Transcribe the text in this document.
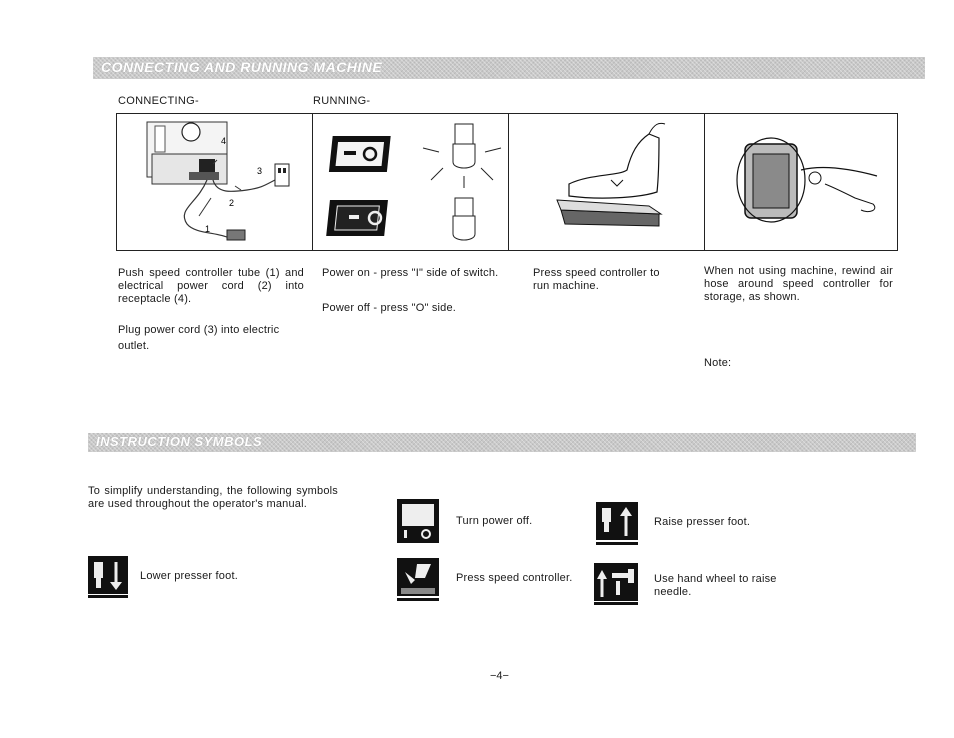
CONNECTING AND RUNNING MACHINE
CONNECTING-	RUNNING-
4
3
2
1
Push speed controller tube (1) and electrical power cord (2) into receptacle (4).
Plug power cord (3) into electric outlet.
Power on - press "I" side of switch.
Power off - press "O" side.
Press speed controller to run machine.
When not using machine, rewind air hose around speed controller for storage, as shown.
Note:
INSTRUCTION SYMBOLS
To simplify understanding, the following symbols are used throughout the operator's manual.
Lower presser foot.
Turn power off.
Press speed controller.
Raise presser foot.
Use hand wheel to raise needle.
−4−
